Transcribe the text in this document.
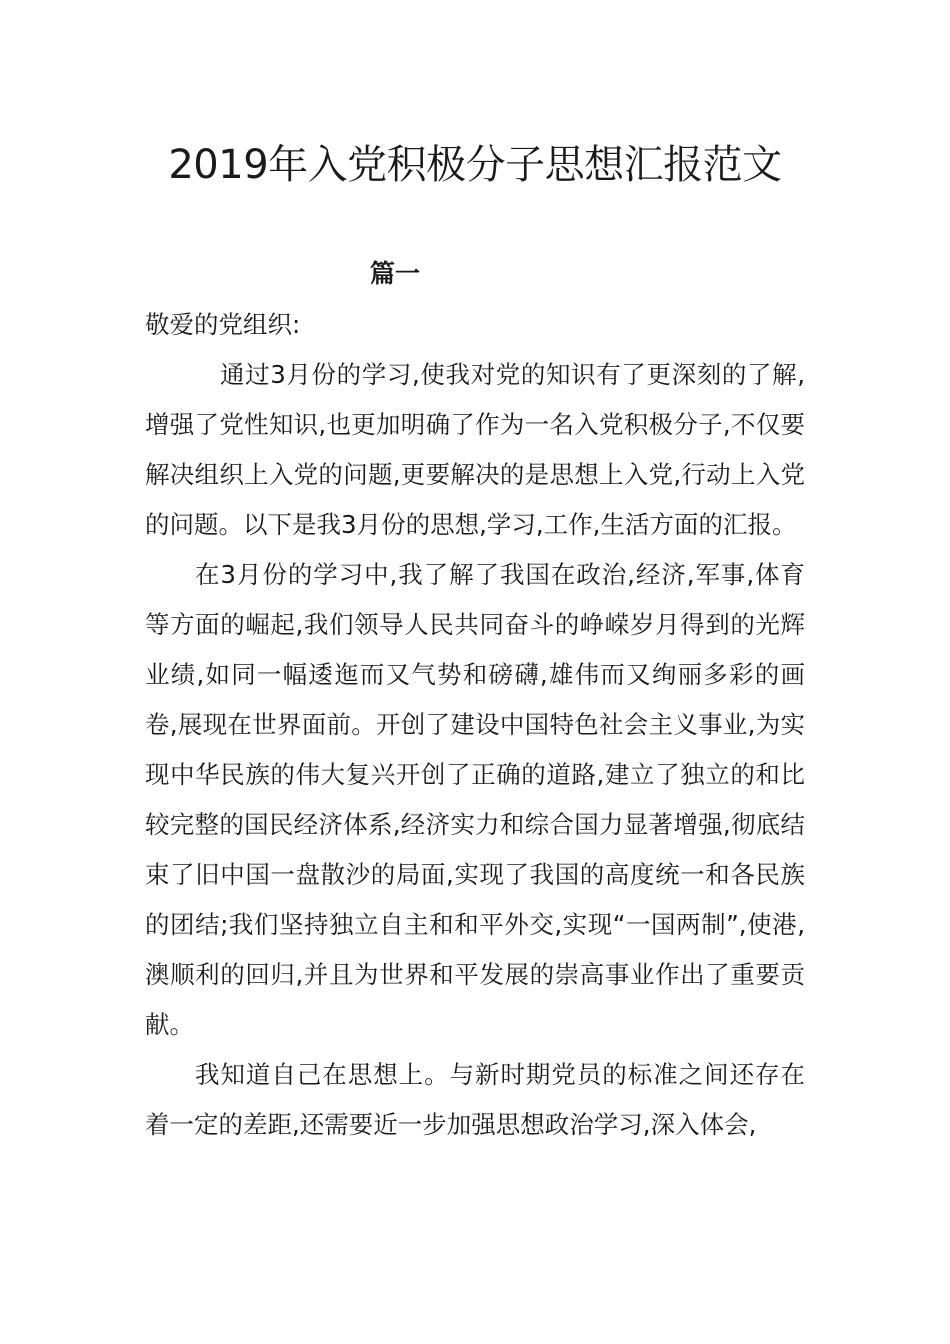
2019年入党积极分子思想汇报范文
篇一

敬爱的党组织:

通过3月份的学习,使我对党的知识有了更深刻的了解,增强了党性知识,也更加明确了作为一名入党积极分子,不仅要解决组织上入党的问题,更要解决的是思想上入党,行动上入党的问题。以下是我3月份的思想,学习,工作,生活方面的汇报。

在3月份的学习中,我了解了我国在政治,经济,军事,体育等方面的崛起,我们领导人民共同奋斗的峥嵘岁月得到的光辉业绩,如同一幅逶迤而又气势和磅礴,雄伟而又绚丽多彩的画卷,展现在世界面前。开创了建设中国特色社会主义事业,为实现中华民族的伟大复兴开创了正确的道路,建立了独立的和比较完整的国民经济体系,经济实力和综合国力显著增强,彻底结束了旧中国一盘散沙的局面,实现了我国的高度统一和各民族的团结;我们坚持独立自主和和平外交,实现“一国两制”,使港,澳顺利的回归,并且为世界和平发展的崇高事业作出了重要贡献。

我知道自己在思想上。与新时期党员的标准之间还存在着一定的差距,还需要近一步加强思想政治学习,深入体会,
